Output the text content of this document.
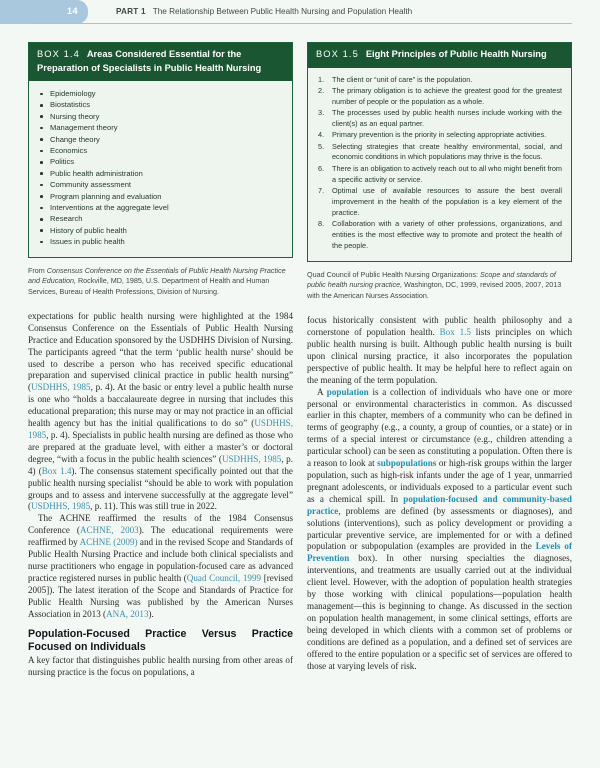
14	PART 1 The Relationship Between Public Health Nursing and Population Health
BOX 1.4 Areas Considered Essential for the Preparation of Specialists in Public Health Nursing
Epidemiology
Biostatistics
Nursing theory
Management theory
Change theory
Economics
Politics
Public health administration
Community assessment
Program planning and evaluation
Interventions at the aggregate level
Research
History of public health
Issues in public health
From Consensus Conference on the Essentials of Public Health Nursing Practice and Education, Rockville, MD, 1985, U.S. Department of Health and Human Services, Bureau of Health Professions, Division of Nursing.

expectations for public health nursing were highlighted at the 1984 Consensus Conference on the Essentials of Public Health Nursing Practice and Education sponsored by the USDHHS Division of Nursing. The participants agreed “that the term ‘public health nurse’ should be used to describe a person who has received specific educational preparation and supervised clinical practice in public health nursing” (USDHHS, 1985, p. 4). At the basic or entry level a public health nurse is one who “holds a baccalaureate degree in nursing that includes this educational preparation; this nurse may or may not practice in an official health agency but has the initial qualifications to do so” (USDHHS, 1985, p. 4). Specialists in public health nursing are defined as those who are prepared at the graduate level, with either a master’s or doctoral degree, “with a focus in the public health sciences” (USDHHS, 1985, p. 4) (Box 1.4). The consensus statement specifically pointed out that the public health nursing specialist “should be able to work with population groups and to assess and intervene successfully at the aggregate level” (USDHHS, 1985, p. 11). This was still true in 2022.

The ACHNE reaffirmed the results of the 1984 Consensus Conference (ACHNE, 2003). The educational requirements were reaffirmed by ACHNE (2009) and in the revised Scope and Standards of Public Health Nursing Practice and include both clinical specialists and nurse practitioners who engage in population-focused care as advanced practice registered nurses in public health (Quad Council, 1999 [revised 2005]). The latest iteration of the Scope and Standards of Practice for Public Health Nursing was published by the American Nurses Association in 2013 (ANA, 2013).

Population-Focused Practice Versus Practice Focused on Individuals

A key factor that distinguishes public health nursing from other areas of nursing practice is the focus on populations, a

BOX 1.5 Eight Principles of Public Health Nursing
The client or “unit of care” is the population.
The primary obligation is to achieve the greatest good for the greatest number of people or the population as a whole.
The processes used by public health nurses include working with the client(s) as an equal partner.
Primary prevention is the priority in selecting appropriate activities.
Selecting strategies that create healthy environmental, social, and economic conditions in which populations may thrive is the focus.
There is an obligation to actively reach out to all who might benefit from a specific activity or service.
Optimal use of available resources to assure the best overall improvement in the health of the population is a key element of the practice.
Collaboration with a variety of other professions, organizations, and entities is the most effective way to promote and protect the health of the people.
Quad Council of Public Health Nursing Organizations: Scope and standards of public health nursing practice, Washington, DC, 1999, revised 2005, 2007, 2013 with the American Nurses Association.

focus historically consistent with public health philosophy and a cornerstone of population health. Box 1.5 lists principles on which public health nursing is built. Although public health nursing is built upon clinical nursing practice, it also incorporates the population perspective of public health. It may be helpful here to reflect again on the meaning of the term population.

A population is a collection of individuals who have one or more personal or environmental characteristics in common. As discussed earlier in this chapter, members of a community who can be defined in terms of geography (e.g., a county, a group of counties, or a state) or in terms of a special interest or circumstance (e.g., children attending a particular school) can be seen as constituting a population. Often there is a reason to look at subpopulations or high-risk groups within the larger population, such as high-risk infants under the age of 1 year, unmarried pregnant adolescents, or individuals exposed to a particular event such as a chemical spill. In population-focused and community-based practice, problems are defined (by assessments or diagnoses), and solutions (interventions), such as policy development or providing a particular preventive service, are implemented for or with a defined population or subpopulation (examples are provided in the Levels of Prevention box). In other nursing specialties the diagnoses, interventions, and treatments are usually carried out at the individual client level. However, with the adoption of population health strategies by those working with clinical populations—population health management—this is beginning to change. As discussed in the section on population health management, in some clinical settings, efforts are being developed in which clients with a common set of problems or conditions are defined as a population, and a defined set of services are offered to the entire population or a specific set of services are offered to those at varying levels of risk.
